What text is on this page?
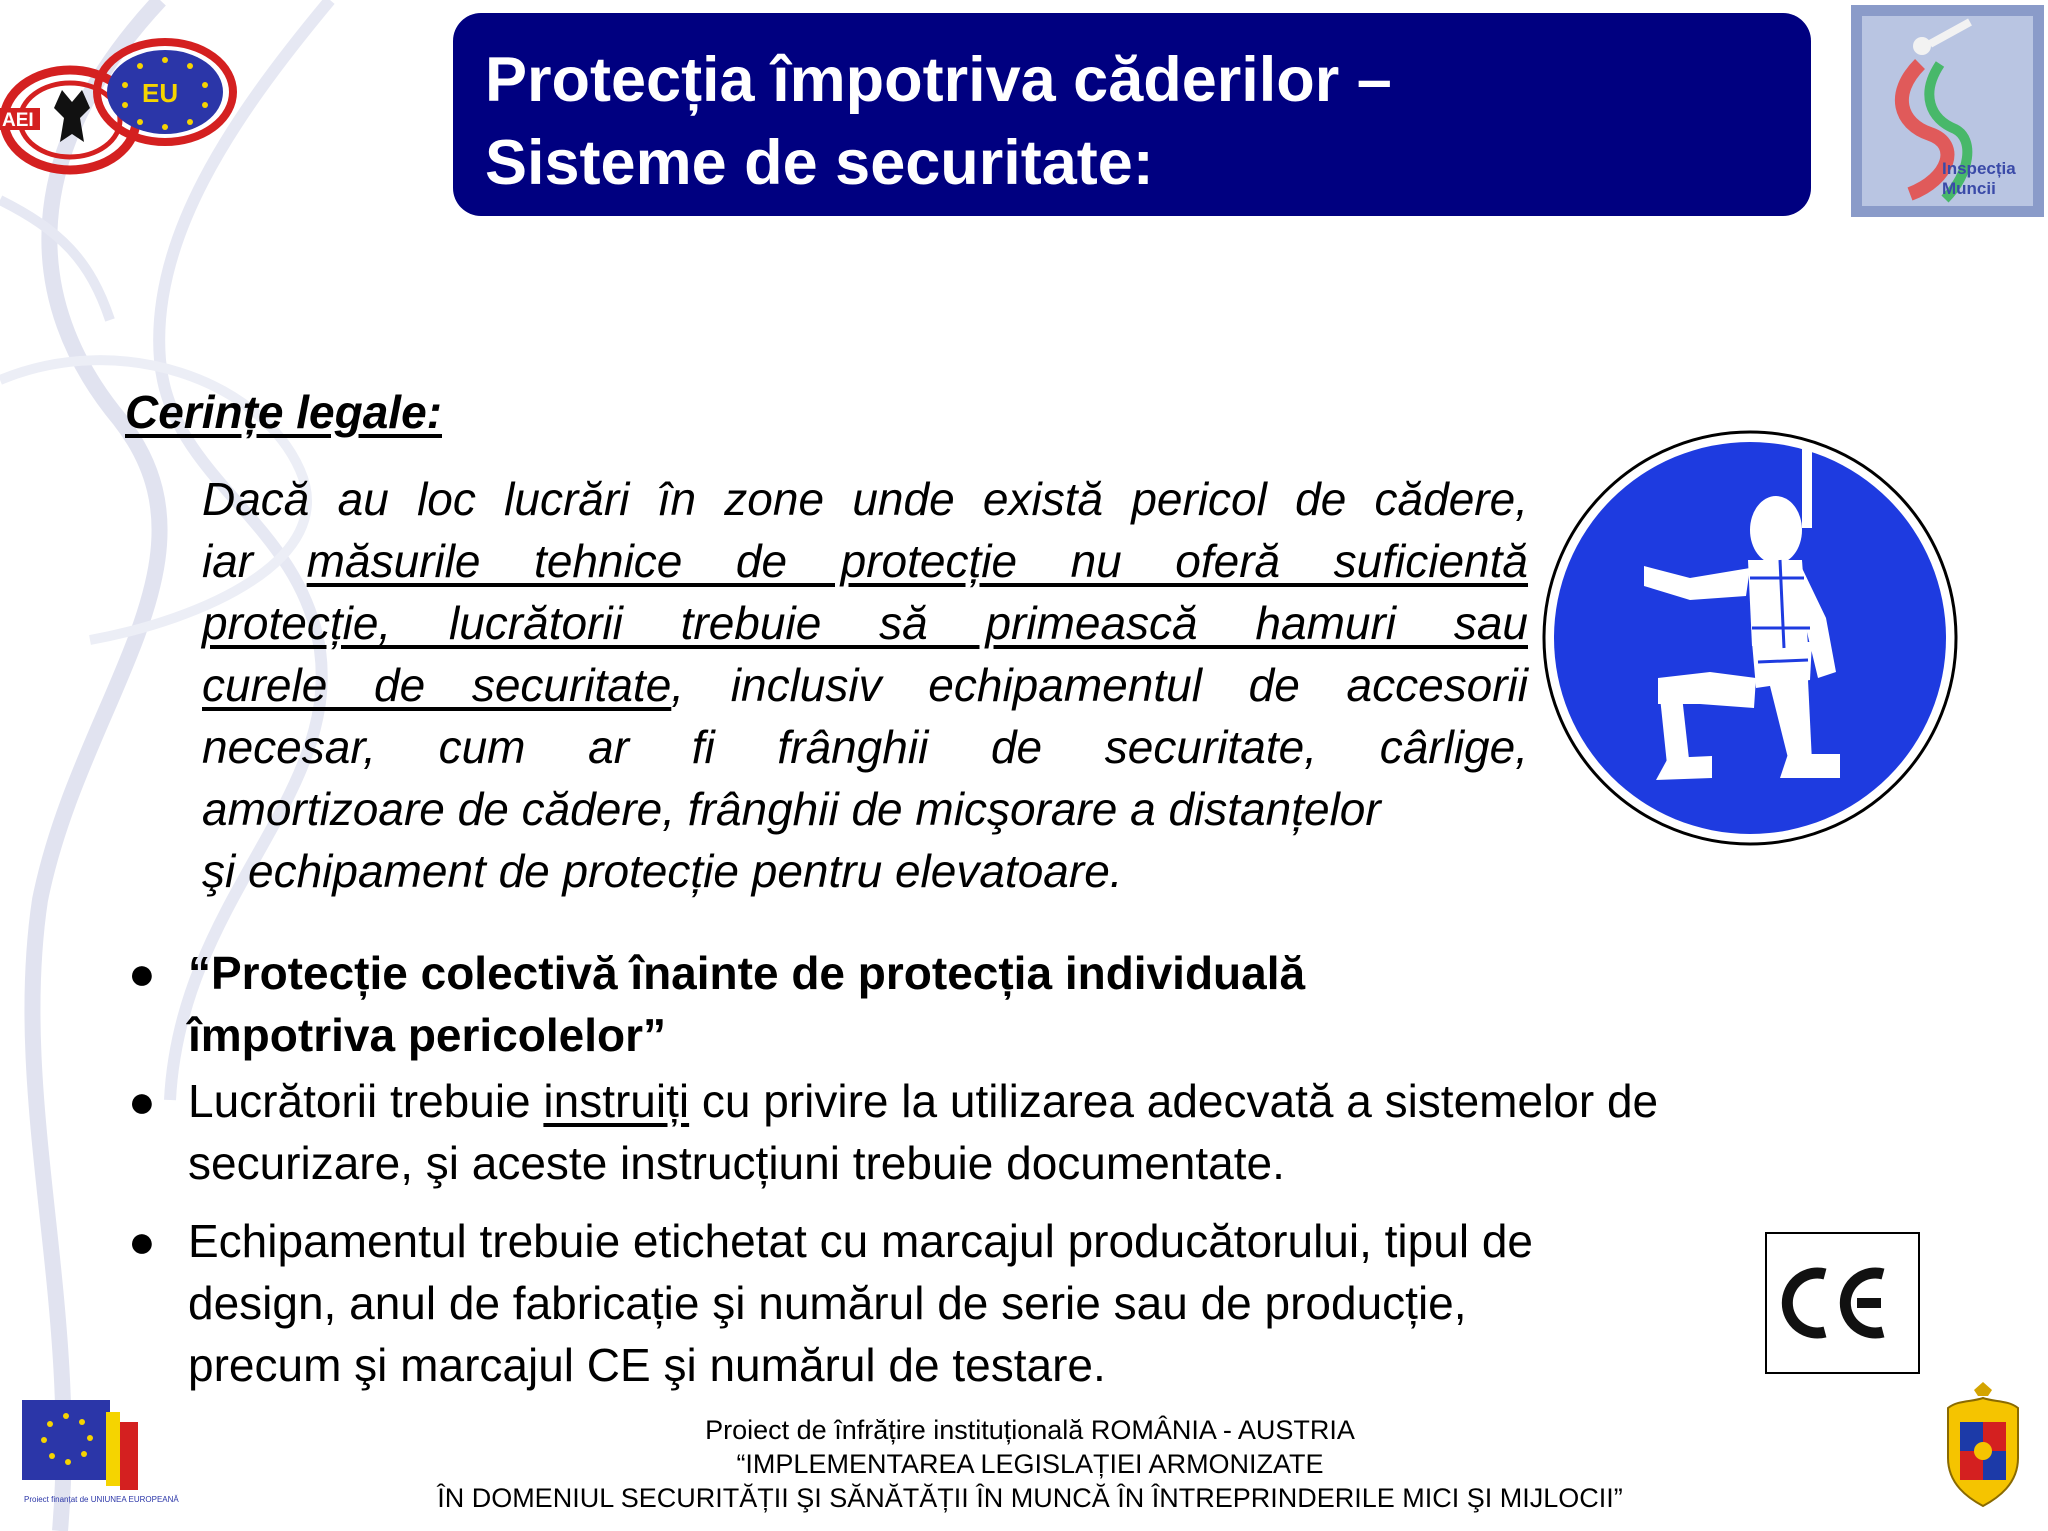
EU
AEI
Protecția împotriva căderilor –
Sisteme de securitate:	Inspecția
Muncii
Cerințe legale:
Dacă au loc lucrări în zone unde există pericol de cădere,
iar măsurile tehnice de protecție nu oferă suficientă
protecție, lucrătorii trebuie să primească hamuri sau
curele de securitate, inclusiv echipamentul de accesorii
necesar, cum ar fi frânghii de securitate, cârlige,
amortizoare de cădere, frânghii de micşorare a distanțelor
şi echipament de protecție pentru elevatoare.
● “Protecție colectivă înainte de protecția individuală
împotriva pericolelor”
● Lucrătorii trebuie instruiți cu privire la utilizarea adecvată a sistemelor de
securizare, şi aceste instrucțiuni trebuie documentate.
● Echipamentul trebuie etichetat cu marcajul producătorului, tipul de
design, anul de fabricație şi numărul de serie sau de producție,
precum şi marcajul CE şi numărul de testare.
Proiect finanțat de UNIUNEA EUROPEANĂ
Proiect de înfrățire instituțională ROMÂNIA - AUSTRIA
“IMPLEMENTAREA LEGISLAȚIEI ARMONIZATE
ÎN DOMENIUL SECURITĂȚII ŞI SĂNĂTĂȚII ÎN MUNCĂ ÎN ÎNTREPRINDERILE MICI ŞI MIJLOCII”
